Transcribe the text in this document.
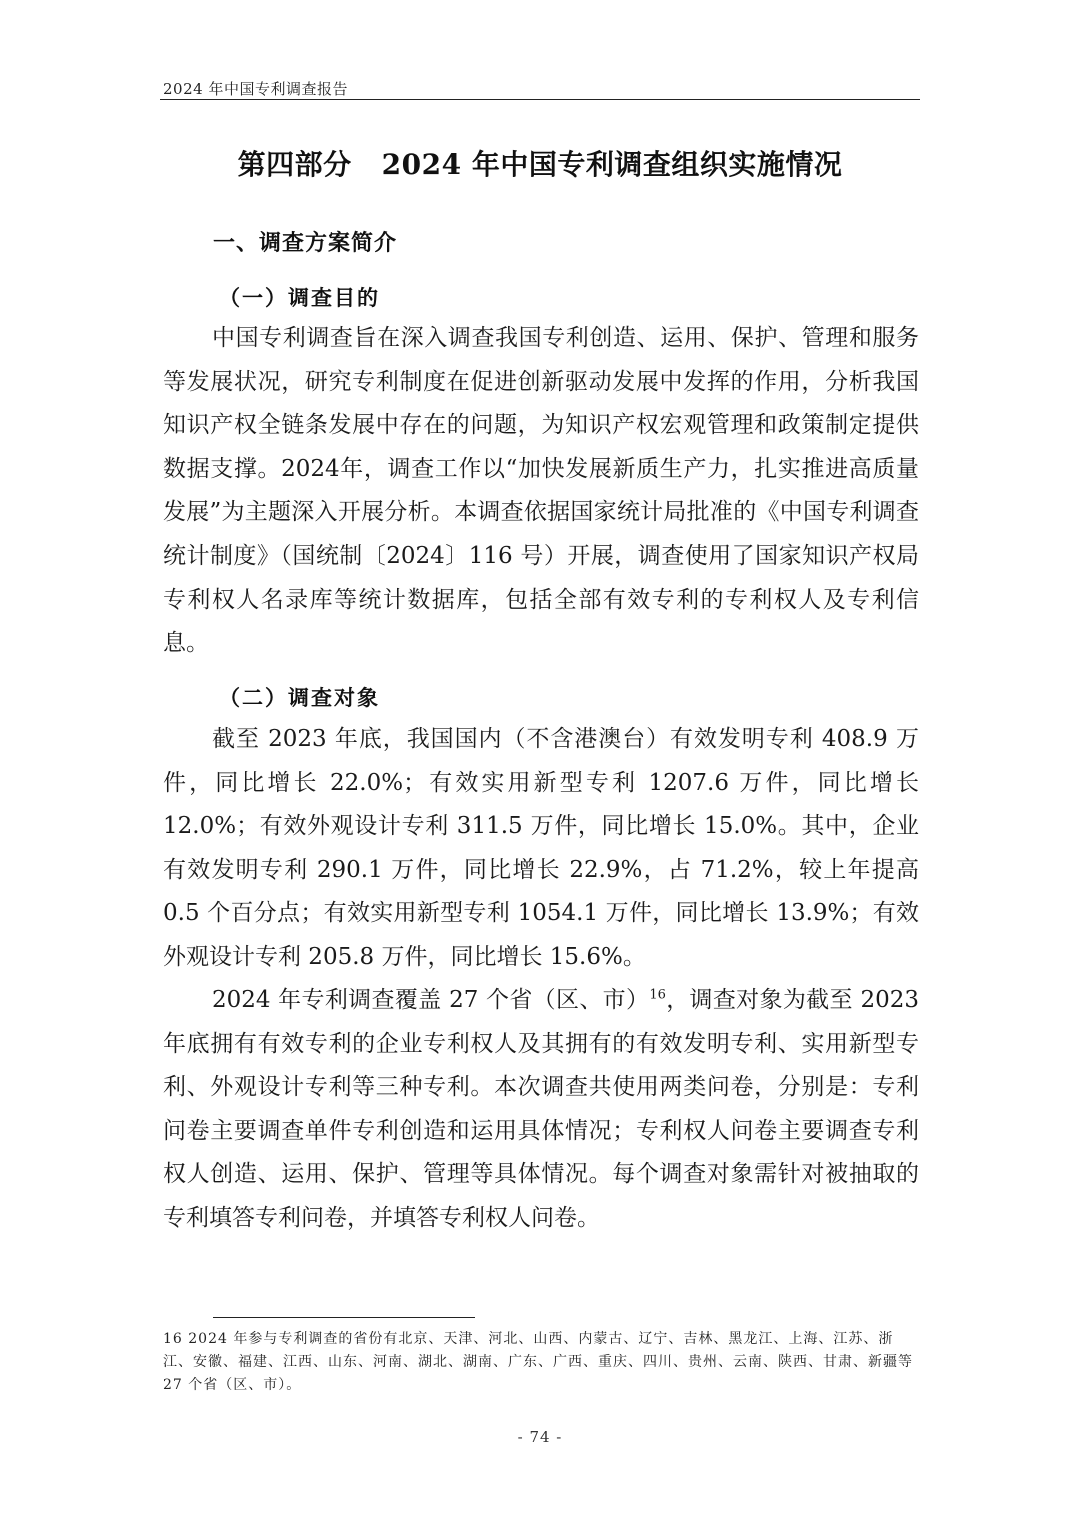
2024 年中国专利调查报告
第四部分 2024 年中国专利调查组织实施情况
一、调查方案简介
（一）调查目的

中国专利调查旨在深入调查我国专利创造、运用、保护、管理和服务等发展状况，研究专利制度在促进创新驱动发展中发挥的作用，分析我国知识产权全链条发展中存在的问题，为知识产权宏观管理和政策制定提供数据支撑。2024年，调查工作以“加快发展新质生产力，扎实推进高质量发展”为主题深入开展分析。本调查依据国家统计局批准的《中国专利调查统计制度》（国统制〔2024〕116 号）开展，调查使用了国家知识产权局专利权人名录库等统计数据库，包括全部有效专利的专利权人及专利信息。

（二）调查对象

截至 2023 年底，我国国内（不含港澳台）有效发明专利 408.9 万件，同比增长 22.0%；有效实用新型专利 1207.6 万件，同比增长 12.0%；有效外观设计专利 311.5 万件，同比增长 15.0%。其中，企业有效发明专利 290.1 万件，同比增长 22.9%，占 71.2%，较上年提高 0.5 个百分点；有效实用新型专利 1054.1 万件，同比增长 13.9%；有效外观设计专利 205.8 万件，同比增长 15.6%。

2024 年专利调查覆盖 27 个省（区、市）$^{16}$，调查对象为截至 2023 年底拥有有效专利的企业专利权人及其拥有的有效发明专利、实用新型专利、外观设计专利等三种专利。本次调查共使用两类问卷，分别是：专利问卷主要调查单件专利创造和运用具体情况；专利权人问卷主要调查专利权人创造、运用、保护、管理等具体情况。每个调查对象需针对被抽取的专利填答专利问卷，并填答专利权人问卷。

16 2024 年参与专利调查的省份有北京、天津、河北、山西、内蒙古、辽宁、吉林、黑龙江、上海、江苏、浙江、安徽、福建、江西、山东、河南、湖北、湖南、广东、广西、重庆、四川、贵州、云南、陕西、甘肃、新疆等 27 个省（区、市）。

- 74 -
